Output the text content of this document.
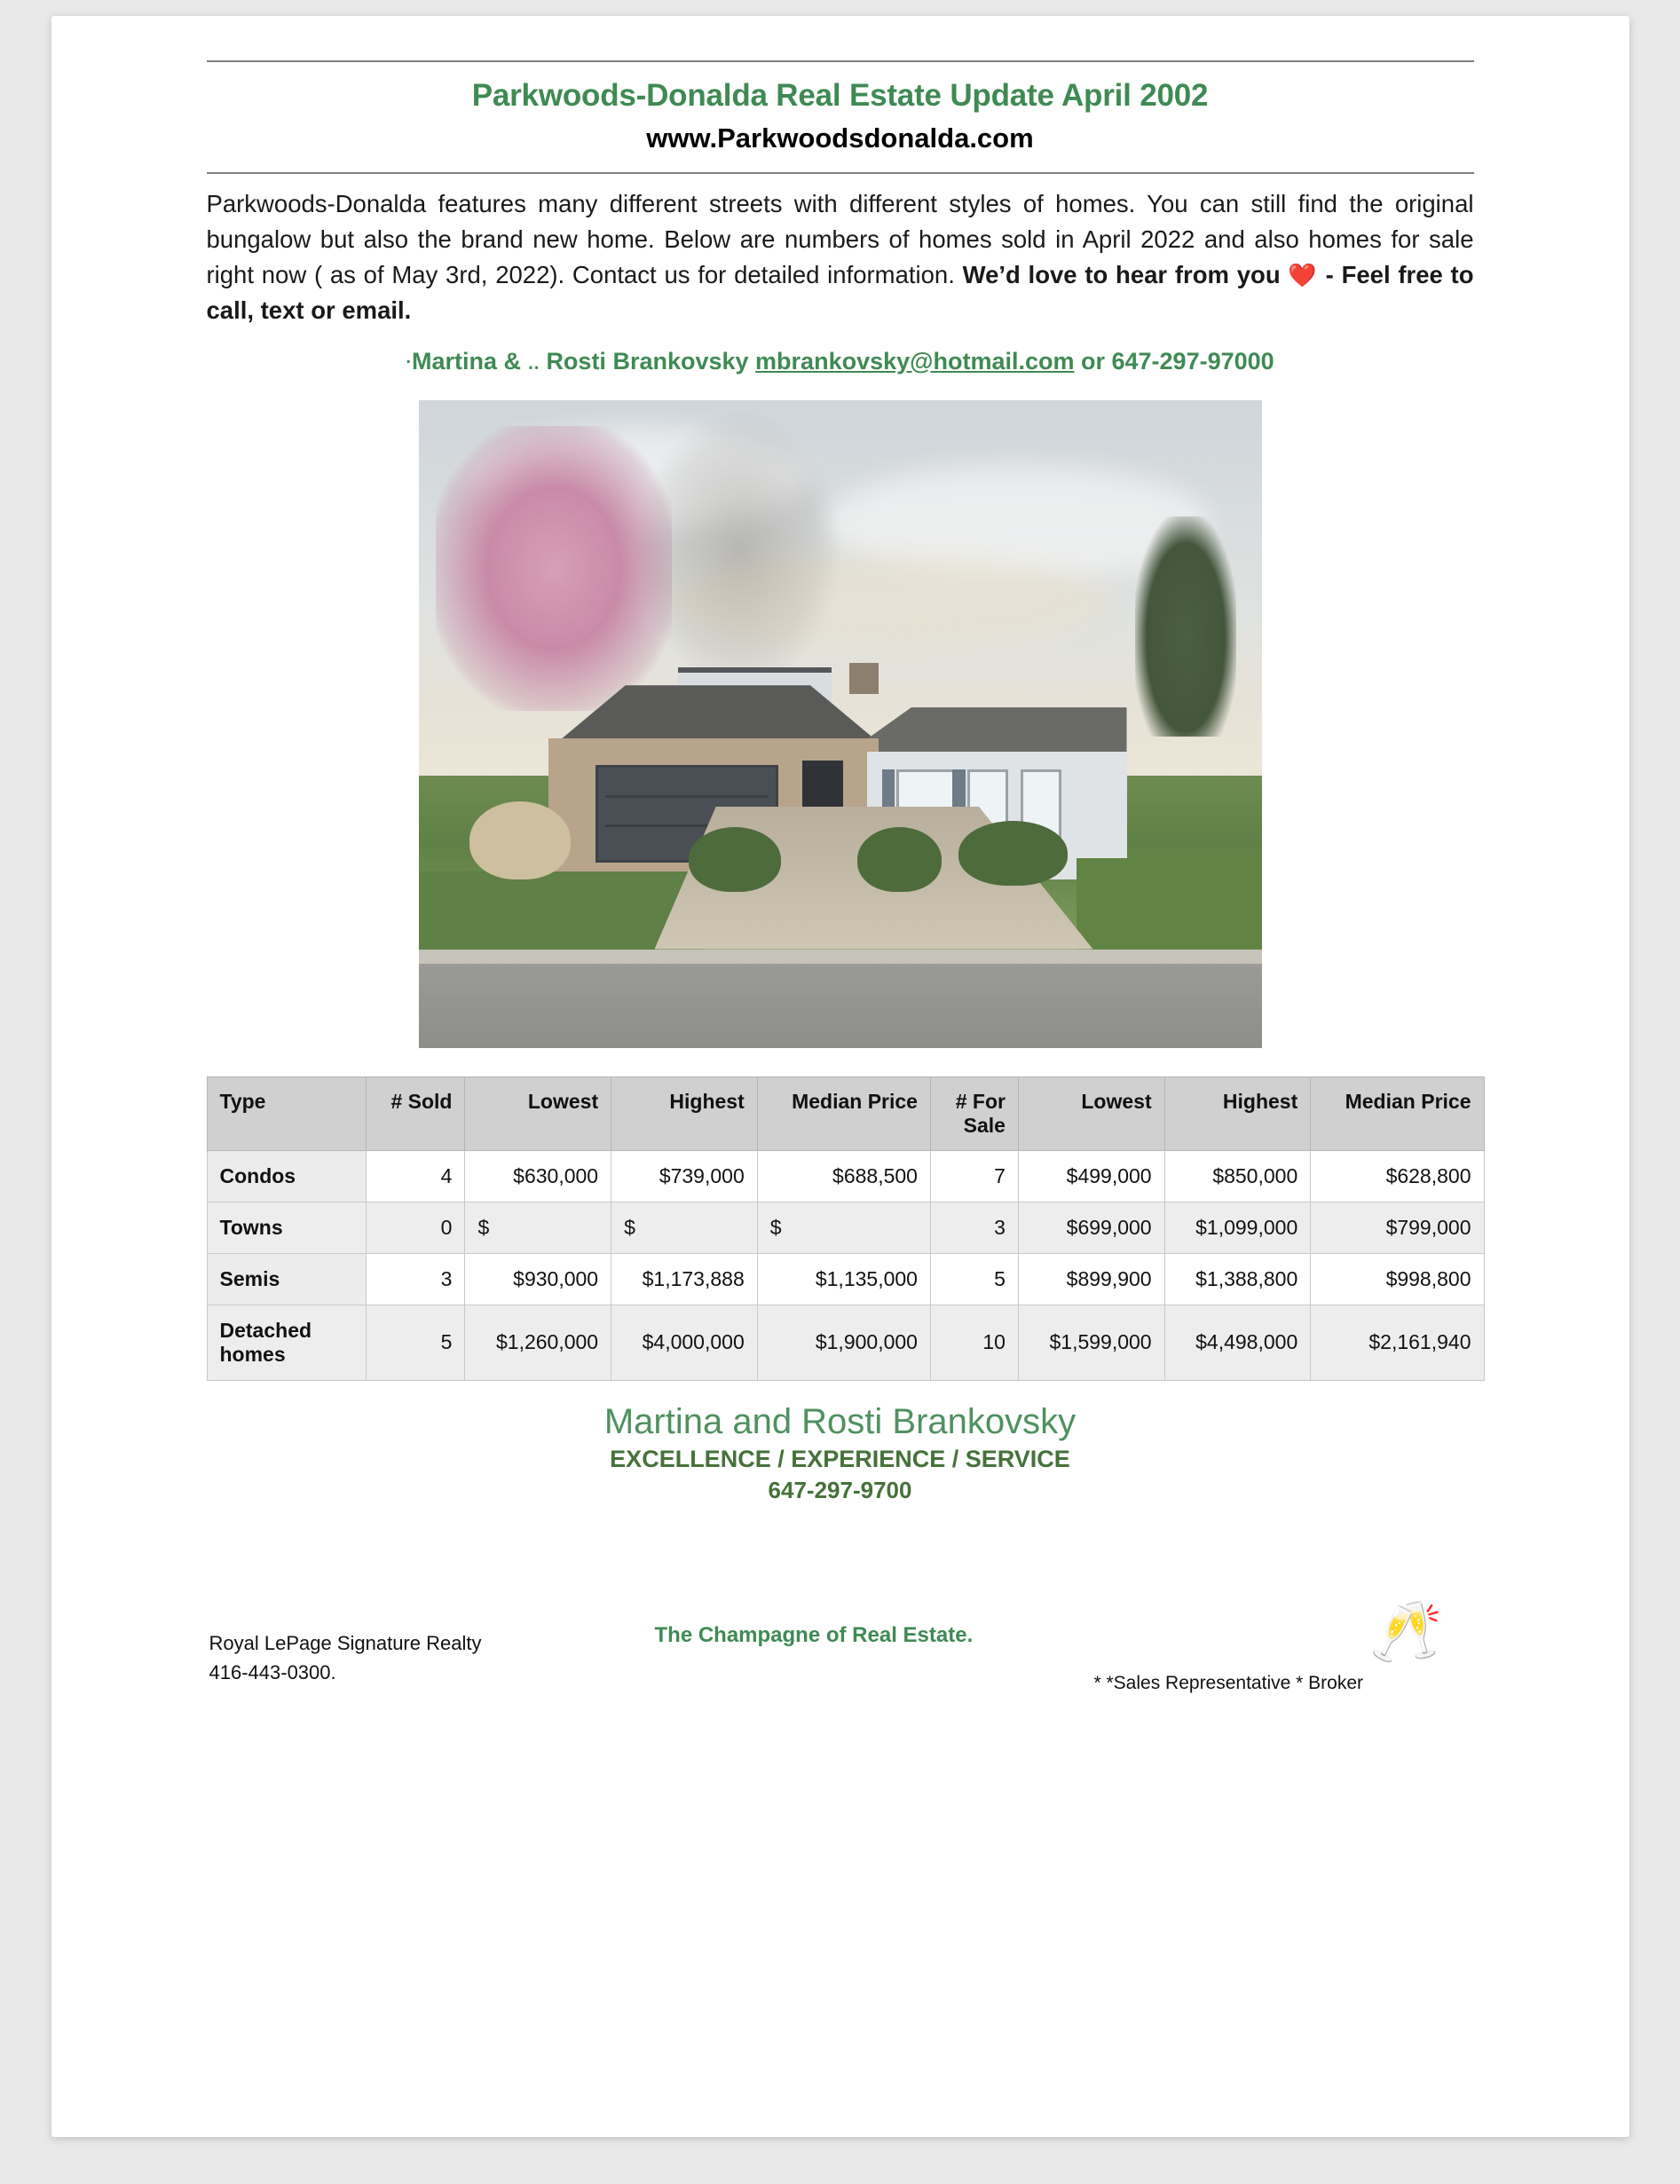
Parkwoods-Donalda Real Estate Update April 2002
www.Parkwoodsdonalda.com

Parkwoods-Donalda features many different streets with different styles of homes. You can still find the original bungalow but also the brand new home. Below are numbers of homes sold in April 2022 and also homes for sale right now ( as of May 3rd, 2022). Contact us for detailed information. We’d love to hear from you ❤️ - Feel free to call, text or email.

·Martina & ․․ Rosti Brankovsky mbrankovsky@hotmail.com or 647-297-97000
Type	# Sold	Lowest	Highest	Median Price	# For Sale	Lowest	Highest	Median Price
Condos	4	$630,000	$739,000	$688,500	7	$499,000	$850,000	$628,800
Towns	0	$	$	$	3	$699,000	$1,099,000	$799,000
Semis	3	$930,000	$1,173,888	$1,135,000	5	$899,900	$1,388,800	$998,800
Detached homes	5	$1,260,000	$4,000,000	$1,900,000	10	$1,599,000	$4,498,000	$2,161,940
Martina and Rosti Brankovsky
EXCELLENCE / EXPERIENCE / SERVICE
647-297-9700
Royal LePage Signature Realty
416-443-0300.
The Champagne of Real Estate.
* *Sales Representative * Broker
🥂
